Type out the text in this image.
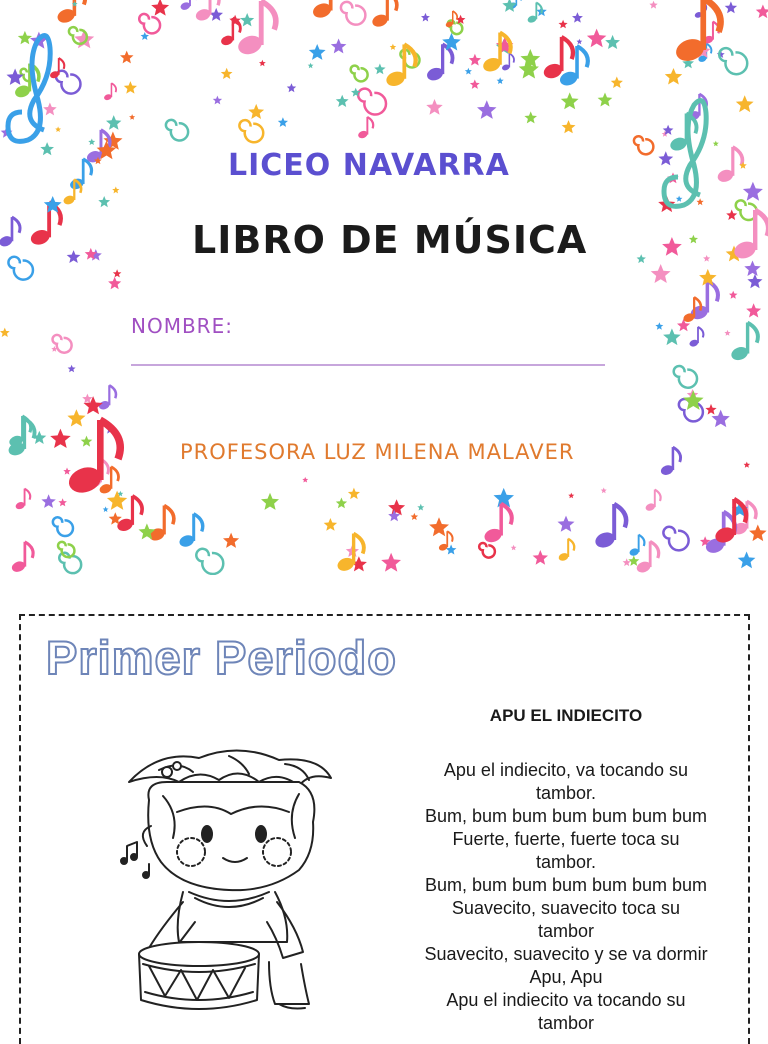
LICEO NAVARRA
LIBRO DE MÚSICA
NOMBRE:
PROFESORA LUZ MILENA MALAVER
Primer Periodo
APU EL INDIECITO

Apu el indiecito, va tocando su

tambor.

Bum, bum bum bum bum bum bum

Fuerte, fuerte, fuerte toca su

tambor.

Bum, bum bum bum bum bum bum

Suavecito, suavecito toca su

tambor

Suavecito, suavecito y se va dormir

Apu, Apu

Apu el indiecito va tocando su

tambor
